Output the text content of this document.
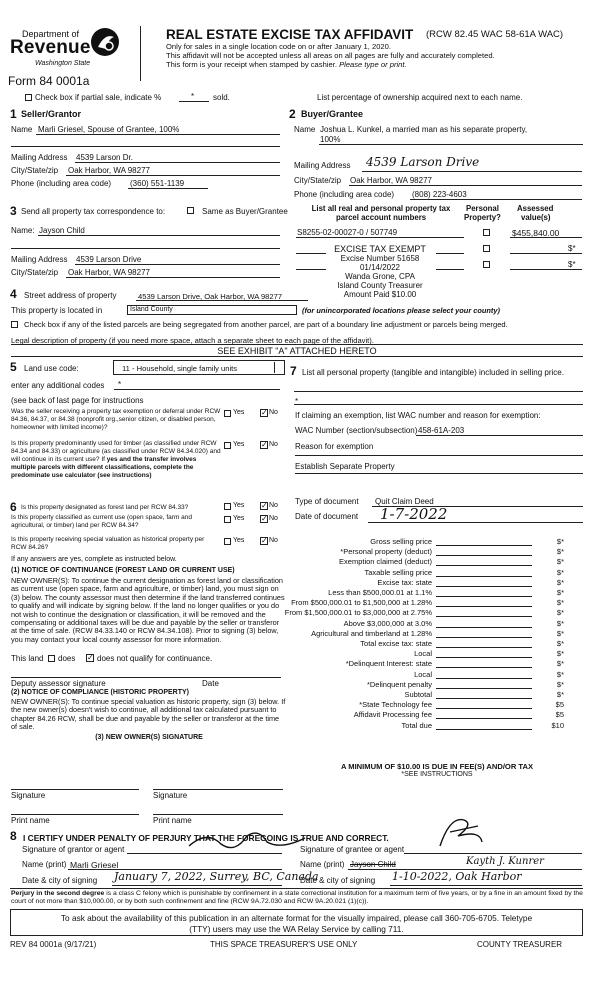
Department of
Revenue
Washington State
Form 84 0001a
REAL ESTATE EXCISE TAX AFFIDAVIT (RCW 82.45 WAC 58-61A WAC)
Only for sales in a single location code on or after January 1, 2020.
This affidavit will not be accepted unless all areas on all pages are fully and accurately completed.
This form is your receipt when stamped by cashier. Please type or print.
Check box if partial sale, indicate %	* sold.	List percentage of ownership acquired next to each name.
1 Seller/Grantor
Name Marli Griesel, Spouse of Grantee, 100%
Mailing Address 4539 Larson Dr.
City/State/zip Oak Harbor, WA 98277
Phone (including area code) (360) 551-1139
2 Buyer/Grantee
Name Joshua L. Kunkel, a married man as his separate property,
100%
Mailing Address 4539 Larson Drive
City/State/zip Oak Harbor, WA 98277
Phone (including area code) (808) 223-4603
3 Send all property tax correspondence to:	Same as Buyer/Grantee
Name: Jayson Child
Mailing Address 4539 Larson Drive
City/State/zip Oak Harbor, WA 98277
List all real and personal property tax
parcel account numbers
Personal
Property?
Assessed
value(s)
S8255-02-00027-0 / 507749	$455,840.00
$*
$*
EXCISE TAX EXEMPT
Excise Number 51658
01/14/2022
Wanda Grone, CPA
Island County Treasurer
Amount Paid $10.00
4 Street address of property	4539 Larson Drive, Oak Harbor, WA 98277
This property is located in	Island County	(for unincorporated locations please select your county)
Check box if any of the listed parcels are being segregated from another parcel, are part of a boundary line adjustment or parcels being merged.
Legal description of property (if you need more space, attach a separate sheet to each page of the affidavit).
SEE EXHIBIT "A" ATTACHED HERETO
5 Land use code:	11 - Household, single family units
enter any additional codes *
(see back of last page for instructions
Was the seller receiving a property tax exemption or deferral under RCW 84.36, 84.37, or 84.38 (nonprofit org.,senior citizen, or disabled person, homeowner with limited income)?
Yes ✓ No
Is this property predominantly used for timber (as classified under RCW 84.34 and 84.33) or agriculture (as classified under RCW 84.34.020) and will continue in its current use? If yes and the transfer involves multiple parcels with different classifications, complete the predominate use calculator (see instructions)
Yes ✓ No
7 List all personal property (tangible and intangible) included in selling price.
*
If claiming an exemption, list WAC number and reason for exemption:
WAC Number (section/subsection) 458-61A-203
Reason for exemption
Establish Separate Property
6 Is this property designated as forest land per RCW 84.33?	Yes ✓ No
Is this property classified as current use (open space, farm and agricultural, or timber) land per RCW 84.34?
Yes ✓ No
Is this property receiving special valuation as historical property per RCW 84.26?
Yes ✓ No
If any answers are yes, complete as instructed below.
(1) NOTICE OF CONTINUANCE (FOREST LAND OR CURRENT USE)
NEW OWNER(S): To continue the current designation as forest land or classification as current use (open space, farm and agriculture, or timber) land, you must sign on (3) below. The county assessor must then determine if the land transferred continues to qualify and will indicate by signing below. If the land no longer qualifies or you do not wish to continue the designation or classification, it will be removed and the compensating or additional taxes will be due and payable by the seller or transferor at the time of sale. (RCW 84.33.140 or RCW 84.34.108). Prior to signing (3) below, you may contact your local county assessor for more information.
This land does ✓ does not qualify for continuance.
Deputy assessor signature	Date
(2) NOTICE OF COMPLIANCE (HISTORIC PROPERTY)
NEW OWNER(S): To continue special valuation as historic property, sign (3) below. If the new owner(s) doesn't wish to continue, all additional tax calculated pursuant to chapter 84.26 RCW, shall be due and payable by the seller or transferor at the time of sale.
(3) NEW OWNER(S) SIGNATURE
Signature	Signature
Print name	Print name
Type of document Quit Claim Deed
Date of document 1-7-2022
Gross selling price	$*
*Personal property (deduct)	$*
Exemption claimed (deduct)	$*
Taxable selling price	$*
Excise tax: state	$*
Less than $500,000.01 at 1.1%	$*
From $500,000.01 to $1,500,000 at 1.28%	$*
From $1,500,000.01 to $3,000,000 at 2.75%	$*
Above $3,000,000 at 3.0%	$*
Agricultural and timberland at 1.28%	$*
Total excise tax: state	$*
Local	$*
*Delinquent Interest: state	$*
Local	$*
*Delinquent penalty	$*
Subtotal	$*
*State Technology fee	$5
Affidavit Processing fee	$5
Total due	$10
A MINIMUM OF $10.00 IS DUE IN FEE(S) AND/OR TAX
*SEE INSTRUCTIONS
8 I CERTIFY UNDER PENALTY OF PERJURY THAT THE FOREGOING IS TRUE AND CORRECT.
Signature of grantor or agent	Signature of grantee or agent
Name (print) Marli Griesel	Name (print) Jayson Child	Kayth J. Kunrer
Date & city of signing January 7, 2022, Surrey, BC, Canada
Date & city of signing 1-10-2022, Oak Harbor
Perjury in the second degree is a class C felony which is punishable by confinement in a state correctional institution for a maximum term of five years, or by a fine in an amount fixed by the court of not more than $10,000.00, or by both such confinement and fine (RCW 9A.72.030 and RCW 9A.20.021 (1)(c)).
To ask about the availability of this publication in an alternate format for the visually impaired, please call 360-705-6705. Teletype
(TTY) users may use the WA Relay Service by calling 711.
REV 84 0001a (9/17/21)	THIS SPACE TREASURER'S USE ONLY	COUNTY TREASURER
